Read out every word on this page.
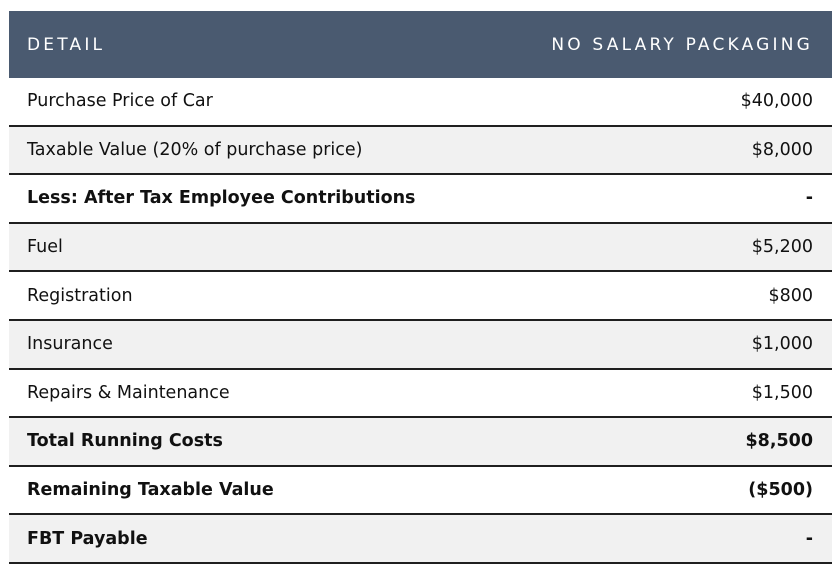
DETAIL	NO SALARY PACKAGING
Purchase Price of Car	$40,000
Taxable Value (20% of purchase price)	$8,000
Less: After Tax Employee Contributions	-
Fuel	$5,200
Registration	$800
Insurance	$1,000
Repairs & Maintenance	$1,500
Total Running Costs	$8,500
Remaining Taxable Value	($500)
FBT Payable	-
